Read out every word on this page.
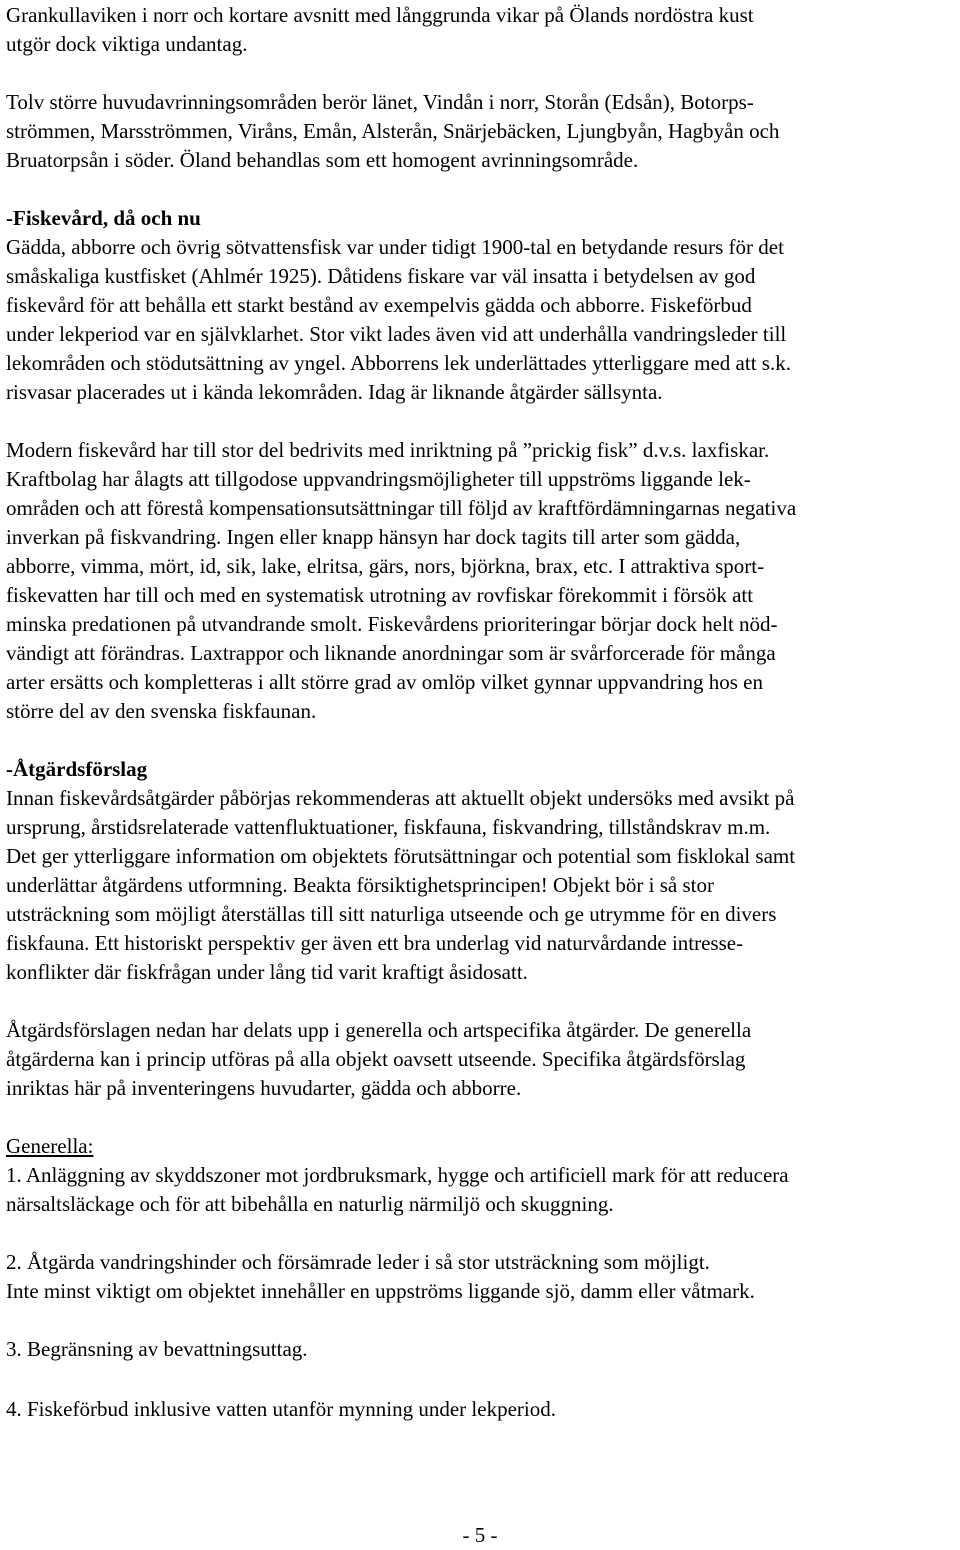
Grankullaviken i norr och kortare avsnitt med långgrunda vikar på Ölands nordöstra kust
utgör dock viktiga undantag.
Tolv större huvudavrinningsområden berör länet, Vindån i norr, Storån (Edsån), Botorps-
strömmen, Marsströmmen, Viråns, Emån, Alsterån, Snärjebäcken, Ljungbyån, Hagbyån och
Bruatorpsån i söder. Öland behandlas som ett homogent avrinningsområde.
-Fiskevård, då och nu
Gädda, abborre och övrig sötvattensfisk var under tidigt 1900-tal en betydande resurs för det
småskaliga kustfisket (Ahlmér 1925). Dåtidens fiskare var väl insatta i betydelsen av god
fiskevård för att behålla ett starkt bestånd av exempelvis gädda och abborre. Fiskeförbud
under lekperiod var en självklarhet. Stor vikt lades även vid att underhålla vandringsleder till
lekområden och stödutsättning av yngel. Abborrens lek underlättades ytterliggare med att s.k.
risvasar placerades ut i kända lekområden. Idag är liknande åtgärder sällsynta.
Modern fiskevård har till stor del bedrivits med inriktning på ”prickig fisk” d.v.s. laxfiskar.
Kraftbolag har ålagts att tillgodose uppvandringsmöjligheter till uppströms liggande lek-
områden och att förestå kompensationsutsättningar till följd av kraftfördämningarnas negativa
inverkan på fiskvandring. Ingen eller knapp hänsyn har dock tagits till arter som gädda,
abborre, vimma, mört, id, sik, lake, elritsa, gärs, nors, björkna, brax, etc. I attraktiva sport-
fiskevatten har till och med en systematisk utrotning av rovfiskar förekommit i försök att
minska predationen på utvandrande smolt. Fiskevårdens prioriteringar börjar dock helt nöd-
vändigt att förändras. Laxtrappor och liknande anordningar som är svårforcerade för många
arter ersätts och kompletteras i allt större grad av omlöp vilket gynnar uppvandring hos en
större del av den svenska fiskfaunan.
-Åtgärdsförslag
Innan fiskevårdsåtgärder påbörjas rekommenderas att aktuellt objekt undersöks med avsikt på
ursprung, årstidsrelaterade vattenfluktuationer, fiskfauna, fiskvandring, tillståndskrav m.m.
Det ger ytterliggare information om objektets förutsättningar och potential som fisklokal samt
underlättar åtgärdens utformning. Beakta försiktighetsprincipen! Objekt bör i så stor
utsträckning som möjligt återställas till sitt naturliga utseende och ge utrymme för en divers
fiskfauna. Ett historiskt perspektiv ger även ett bra underlag vid naturvårdande intresse-
konflikter där fiskfrågan under lång tid varit kraftigt åsidosatt.
Åtgärdsförslagen nedan har delats upp i generella och artspecifika åtgärder. De generella
åtgärderna kan i princip utföras på alla objekt oavsett utseende. Specifika åtgärdsförslag
inriktas här på inventeringens huvudarter, gädda och abborre.
Generella:
1. Anläggning av skyddszoner mot jordbruksmark, hygge och artificiell mark för att reducera
närsaltsläckage och för att bibehålla en naturlig närmiljö och skuggning.
2. Åtgärda vandringshinder och försämrade leder i så stor utsträckning som möjligt.
Inte minst viktigt om objektet innehåller en uppströms liggande sjö, damm eller våtmark.
3. Begränsning av bevattningsuttag.
4. Fiskeförbud inklusive vatten utanför mynning under lekperiod.
- 5 -
